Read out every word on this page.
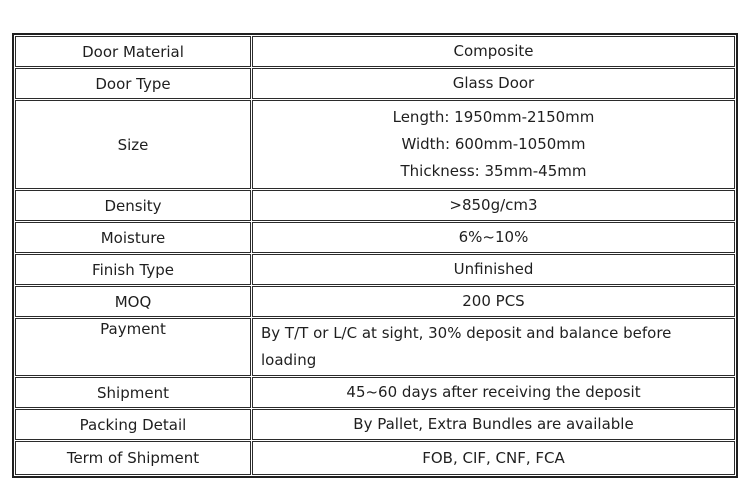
Door Material	Composite

Door Type	Glass Door

Size	Length: 1950mm-2150mm
Width: 600mm-1050mm
Thickness: 35mm-45mm

Density	>850g/cm3

Moisture	6%~10%

Finish Type	Unfinished

MOQ	200 PCS

Payment	By T/T or L/C at sight, 30% deposit and balance before loading

Shipment	45~60 days after receiving the deposit

Packing Detail	By Pallet, Extra Bundles are available

Term of Shipment	FOB, CIF, CNF, FCA
